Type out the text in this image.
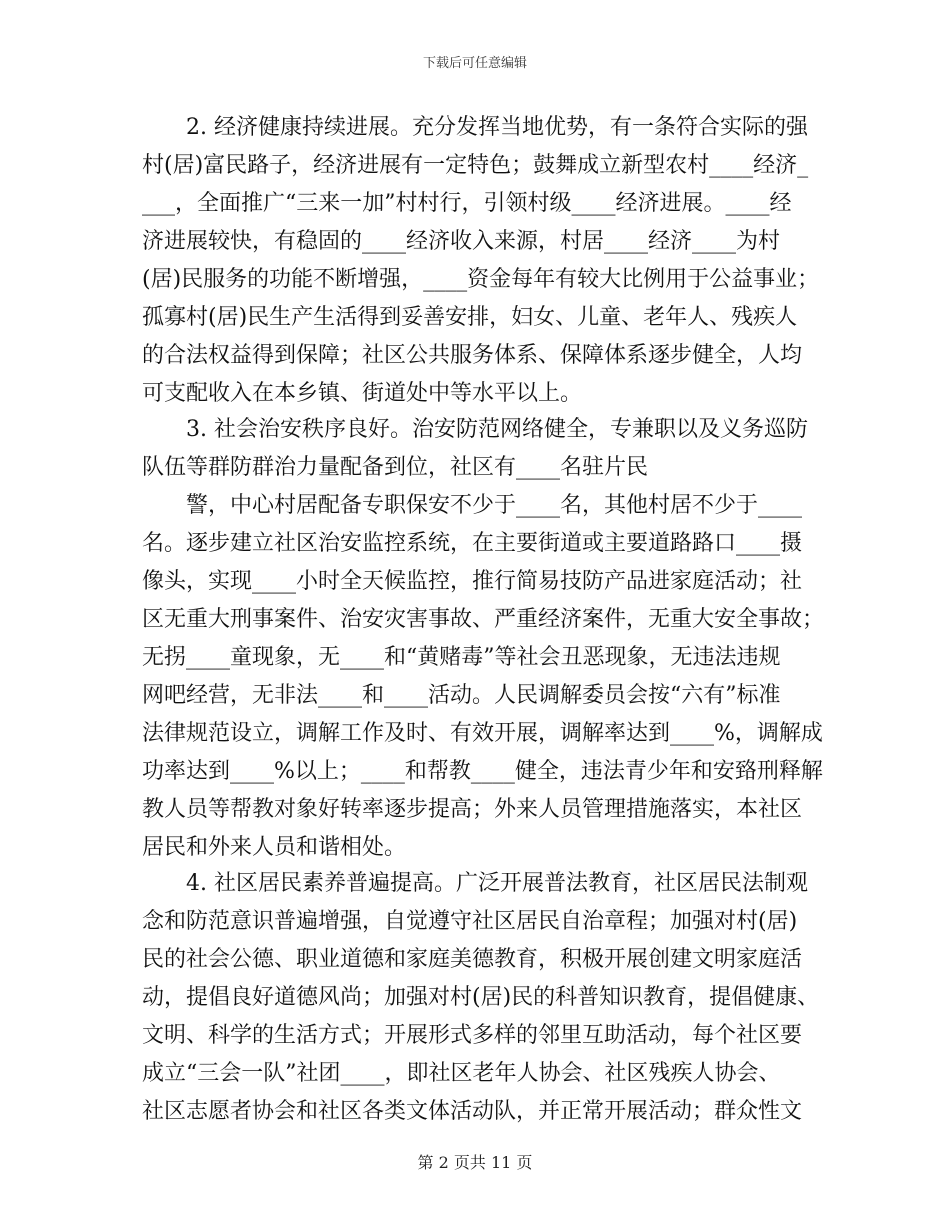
下载后可任意编辑
2. 经济健康持续进展。充分发挥当地优势，有一条符合实际的强
村(居)富民路子，经济进展有一定特色；鼓舞成立新型农村____经济_
___，全面推广“三来一加”村村行，引领村级____经济进展。____经
济进展较快，有稳固的____经济收入来源，村居____经济____为村
(居)民服务的功能不断增强，____资金每年有较大比例用于公益事业；
孤寡村(居)民生产生活得到妥善安排，妇女、儿童、老年人、残疾人
的合法权益得到保障；社区公共服务体系、保障体系逐步健全，人均
可支配收入在本乡镇、街道处中等水平以上。
3. 社会治安秩序良好。治安防范网络健全，专兼职以及义务巡防
队伍等群防群治力量配备到位，社区有____名驻片民
警，中心村居配备专职保安不少于____名，其他村居不少于____
名。逐步建立社区治安监控系统，在主要街道或主要道路路口____摄
像头，实现____小时全天候监控，推行简易技防产品进家庭活动；社
区无重大刑事案件、治安灾害事故、严重经济案件，无重大安全事故；
无拐____童现象，无____和“黄赌毒”等社会丑恶现象，无违法违规
网吧经营，无非法____和____活动。人民调解委员会按“六有”标准
法律规范设立，调解工作及时、有效开展，调解率达到____%，调解成
功率达到____%以上；____和帮教____健全，违法青少年和安臵刑释解
教人员等帮教对象好转率逐步提高；外来人员管理措施落实，本社区
居民和外来人员和谐相处。
4. 社区居民素养普遍提高。广泛开展普法教育，社区居民法制观
念和防范意识普遍增强，自觉遵守社区居民自治章程；加强对村(居)
民的社会公德、职业道德和家庭美德教育，积极开展创建文明家庭活
动，提倡良好道德风尚；加强对村(居)民的科普知识教育，提倡健康、
文明、科学的生活方式；开展形式多样的邻里互助活动，每个社区要
成立“三会一队”社团____，即社区老年人协会、社区残疾人协会、
社区志愿者协会和社区各类文体活动队，并正常开展活动；群众性文
第 2 页共 11 页
